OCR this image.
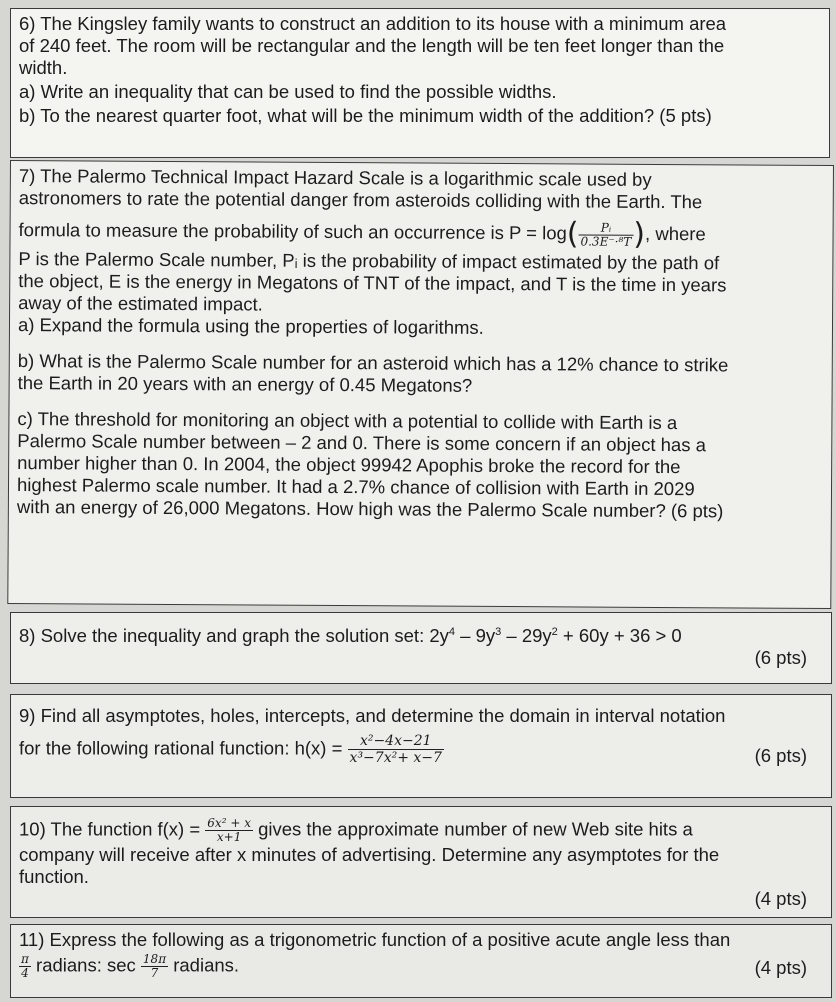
6) The Kingsley family wants to construct an addition to its house with a minimum area
of 240 feet. The room will be rectangular and the length will be ten feet longer than the
width.
a) Write an inequality that can be used to find the possible widths.
b) To the nearest quarter foot, what will be the minimum width of the addition? (5 pts)
7) The Palermo Technical Impact Hazard Scale is a logarithmic scale used by
astronomers to rate the potential danger from asteroids colliding with the Earth. The
formula to measure the probability of such an occurrence is $P = \log( \frac{\text{Pᵢ}}{\text{0.3E⁻·⁸T}}$ ), where
P is the Palermo Scale number, Pᵢ is the probability of impact estimated by the path of
the object, E is the energy in Megatons of TNT of the impact, and T is the time in years
away of the estimated impact.
a) Expand the formula using the properties of logarithms.
b) What is the Palermo Scale number for an asteroid which has a 12% chance to strike
the Earth in 20 years with an energy of 0.45 Megatons?
c) The threshold for monitoring an object with a potential to collide with Earth is a
Palermo Scale number between – 2 and 0. There is some concern if an object has a
number higher than 0. In 2004, the object 99942 Apophis broke the record for the
highest Palermo scale number. It had a 2.7% chance of collision with Earth in 2029
with an energy of 26,000 Megatons. How high was the Palermo Scale number? (6 pts)
8) Solve the inequality and graph the solution set: $2y^4 - 9y^3 - 29y^2 + 60y + 36 > 0$
(6 pts)
9) Find all asymptotes, holes, intercepts, and determine the domain in interval notation
for the following rational function: $h(x) = \frac{\text{x²−4x−21}}{\text{x³−7x²+ x−7}}$	(6 pts)
10) The function $f(x) = \frac{\text{6x² + x}}{x+1}$ gives the approximate number of new Web site hits a
company will receive after x minutes of advertising. Determine any asymptotes for the
function.
(4 pts)
11) Express the following as a trigonometric function of a positive acute angle less than
$\frac{\pi}{4}$ radians: $\sec \frac{18\pi}{7}$ radians.	(4 pts)
